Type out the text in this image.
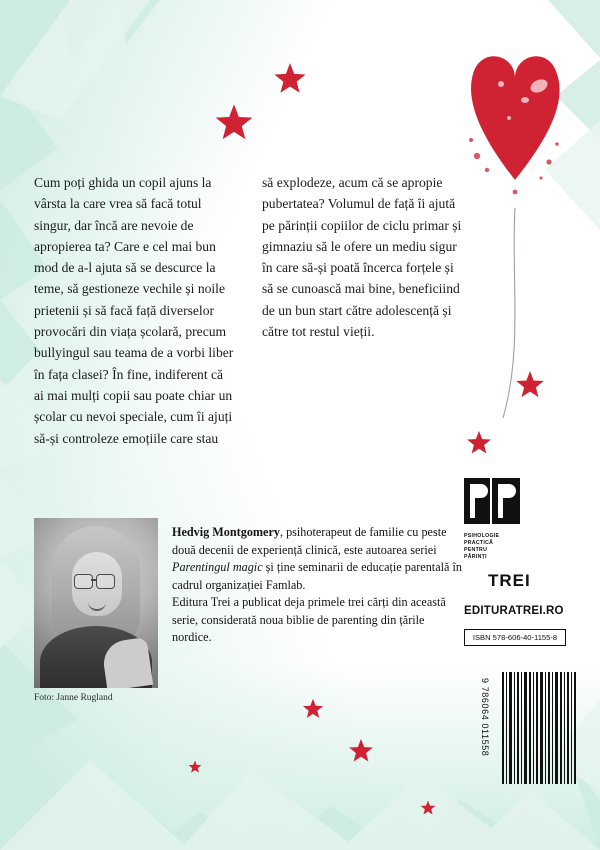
Cum poți ghida un copil ajuns la vârsta la care vrea să facă totul singur, dar încă are nevoie de apropierea ta? Care e cel mai bun mod de a-l ajuta să se descurce la teme, să gestioneze vechile și noile prietenii și să facă față diverselor provocări din viața școlară, precum bullyingul sau teama de a vorbi liber în fața clasei? În fine, indiferent că ai mai mulți copii sau poate chiar un școlar cu nevoi speciale, cum îi ajuți să-și controleze emoțiile care stau

să explodeze, acum că se apropie pubertatea? Volumul de față îi ajută pe părinții copiilor de ciclu primar și gimnaziu să le ofere un mediu sigur în care să-și poată încerca forțele și să se cunoască mai bine, beneficiind de un bun start către adolescență și către tot restul vieții.

Foto: Janne Rugland

Hedvig Montgomery, psihoterapeut de familie cu peste două decenii de experiență clinică, este autoarea seriei Parentingul magic și ține seminarii de educație parentală în cadrul organizației Famlab.

Editura Trei a publicat deja primele trei cărți din această serie, considerată noua biblie de parenting din țările nordice.

PSIHOLOGIE
PRACTICĂ
PENTRU
PĂRINȚI
TREI
EDITURATREI.RO
ISBN 578-606-40-1155-8
9 786064 011558
